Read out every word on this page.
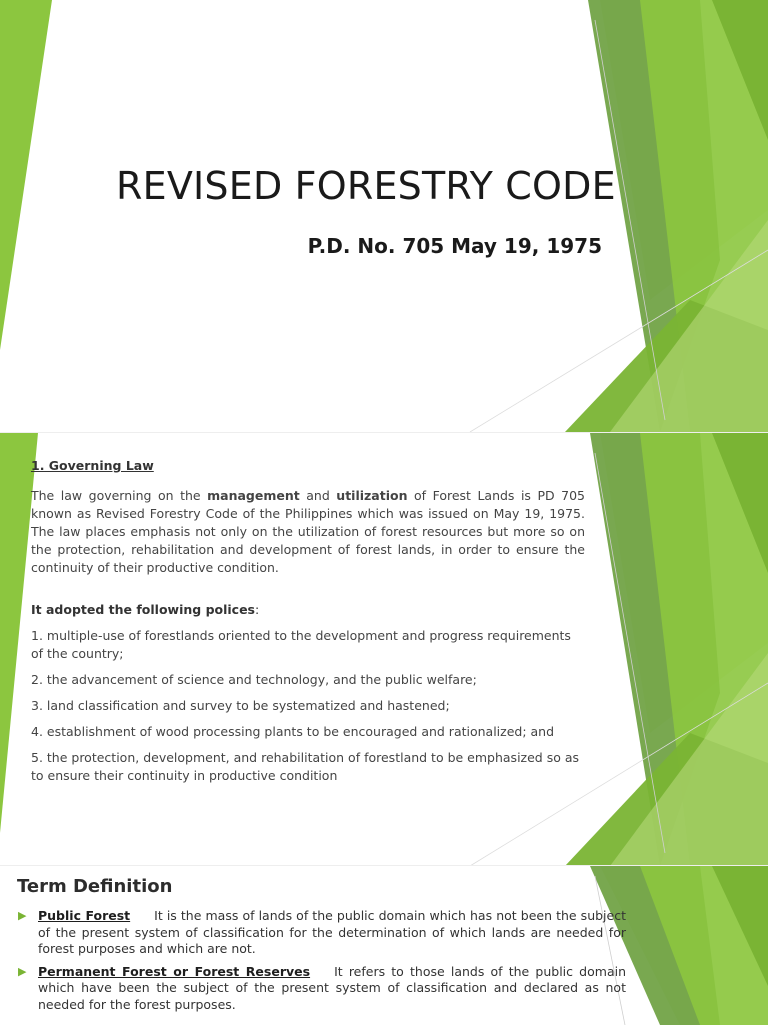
REVISED FORESTRY CODE

P.D. No. 705 May 19, 1975

1. Governing Law

The law governing on the management and utilization of Forest Lands is PD 705 known as Revised Forestry Code of the Philippines which was issued on May 19, 1975. The law places emphasis not only on the utilization of forest resources but more so on the protection, rehabilitation and development of forest lands, in order to ensure the continuity of their productive condition.

It adopted the following polices:

1. multiple-use of forestlands oriented to the development and progress requirements of the country;

2. the advancement of science and technology, and the public welfare;

3. land classification and survey to be systematized and hastened;

4. establishment of wood processing plants to be encouraged and rationalized; and

5. the protection, development, and rehabilitation of forestland to be emphasized so as to ensure their continuity in productive condition

Term Definition
▶ Public Forest It is the mass of lands of the public domain which has not been the subject of the present system of classification for the determination of which lands are needed for forest purposes and which are not.
▶ Permanent Forest or Forest Reserves It refers to those lands of the public domain which have been the subject of the present system of classification and declared as not needed for the forest purposes.
